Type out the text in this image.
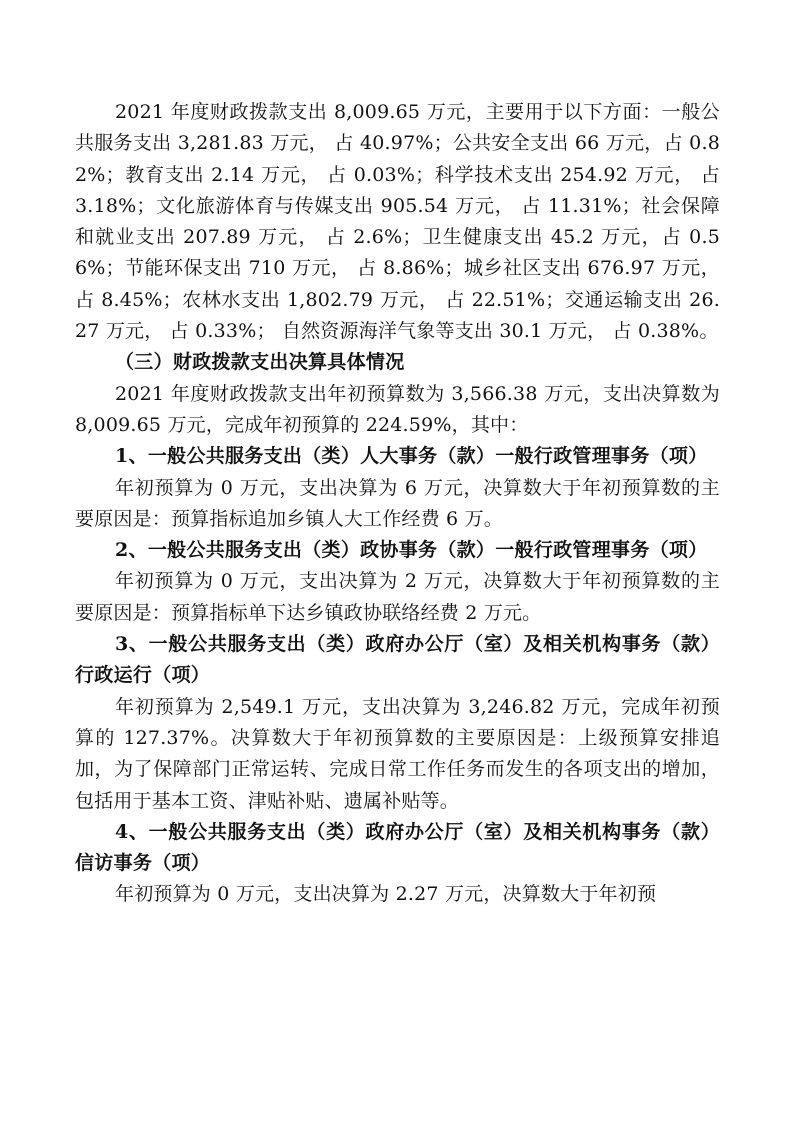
2021 年度财政拨款支出 8,009.65 万元，主要用于以下方面：一般公共服务支出 3,281.83 万元， 占 40.97%；公共安全支出 66 万元，占 0.82%；教育支出 2.14 万元， 占 0.03%；科学技术支出 254.92 万元， 占 3.18%；文化旅游体育与传媒支出 905.54 万元， 占 11.31%；社会保障和就业支出 207.89 万元， 占 2.6%；卫生健康支出 45.2 万元，占 0.56%；节能环保支出 710 万元， 占 8.86%；城乡社区支出 676.97 万元， 占 8.45%；农林水支出 1,802.79 万元， 占 22.51%；交通运输支出 26.27 万元， 占 0.33%； 自然资源海洋气象等支出 30.1 万元， 占 0.38%。

（三）财政拨款支出决算具体情况

2021 年度财政拨款支出年初预算数为 3,566.38 万元，支出决算数为 8,009.65 万元，完成年初预算的 224.59%，其中：

1、一般公共服务支出（类）人大事务（款）一般行政管理事务（项）

年初预算为 0 万元，支出决算为 6 万元，决算数大于年初预算数的主要原因是：预算指标追加乡镇人大工作经费 6 万。

2、一般公共服务支出（类）政协事务（款）一般行政管理事务（项）

年初预算为 0 万元，支出决算为 2 万元，决算数大于年初预算数的主要原因是：预算指标单下达乡镇政协联络经费 2 万元。

3、一般公共服务支出（类）政府办公厅（室）及相关机构事务（款）行政运行（项）

年初预算为 2,549.1 万元，支出决算为 3,246.82 万元，完成年初预算的 127.37%。决算数大于年初预算数的主要原因是：上级预算安排追加，为了保障部门正常运转、完成日常工作任务而发生的各项支出的增加，包括用于基本工资、津贴补贴、遗属补贴等。

4、一般公共服务支出（类）政府办公厅（室）及相关机构事务（款）信访事务（项）

年初预算为 0 万元，支出决算为 2.27 万元，决算数大于年初预
